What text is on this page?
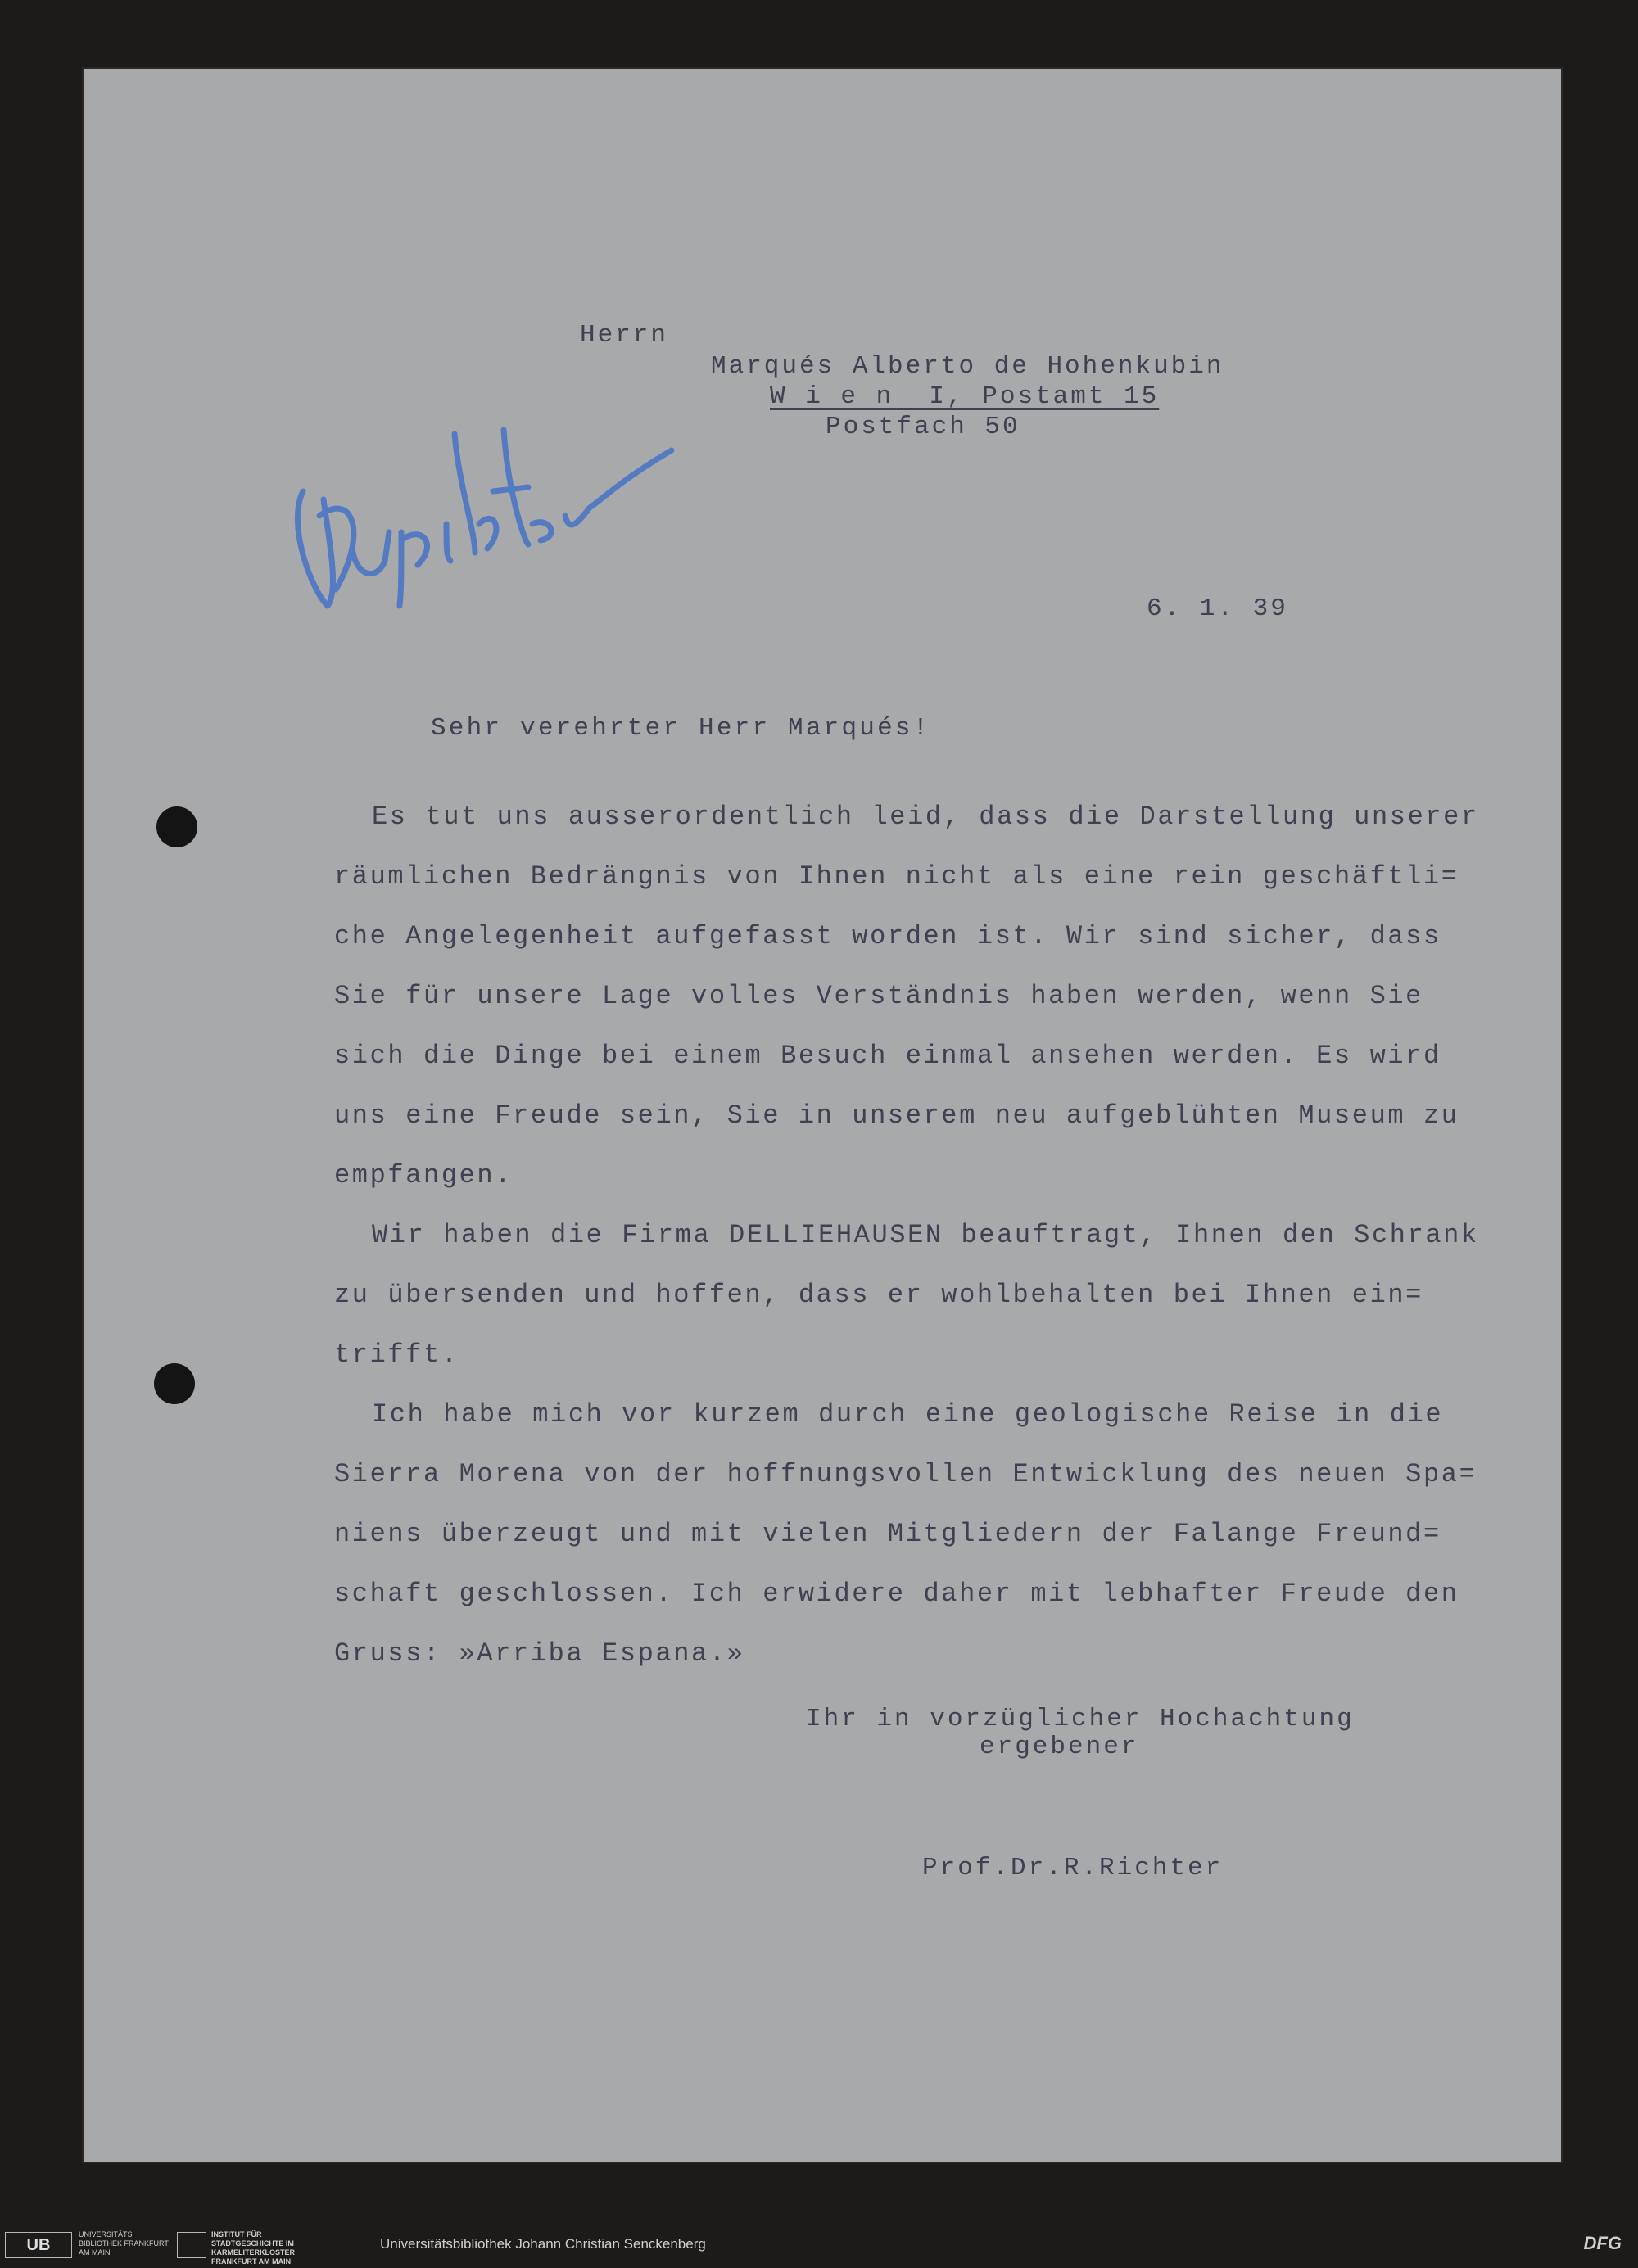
Herrn
Marqués Alberto de Hohenkubin
W i e n  I, Postamt 15
Postfach 50
6. 1. 39
Sehr verehrter Herr Marqués!
Es tut uns ausserordentlich leid, dass die Darstellung unserer
räumlichen Bedrängnis von Ihnen nicht als eine rein geschäftli=
che Angelegenheit aufgefasst worden ist. Wir sind sicher, dass
Sie für unsere Lage volles Verständnis haben werden, wenn Sie
sich die Dinge bei einem Besuch einmal ansehen werden. Es wird
uns eine Freude sein, Sie in unserem neu aufgeblühten Museum zu
empfangen.
Wir haben die Firma DELLIEHAUSEN beauftragt, Ihnen den Schrank
zu übersenden und hoffen, dass er wohlbehalten bei Ihnen ein=
trifft.
Ich habe mich vor kurzem durch eine geologische Reise in die
Sierra Morena von der hoffnungsvollen Entwicklung des neuen Spa=
niens überzeugt und mit vielen Mitgliedern der Falange Freund=
schaft geschlossen. Ich erwidere daher mit lebhafter Freude den
Gruss: »Arriba Espana.»
Ihr in vorzüglicher Hochachtung
ergebener
Prof.Dr.R.Richter
UB
UNIVERSITÄTS BIBLIOTHEK FRANKFURT AM MAIN
INSTITUT FÜR STADTGESCHICHTE IM KARMELITERKLOSTER FRANKFURT AM MAIN
Universitätsbibliothek Johann Christian Senckenberg	DFG
